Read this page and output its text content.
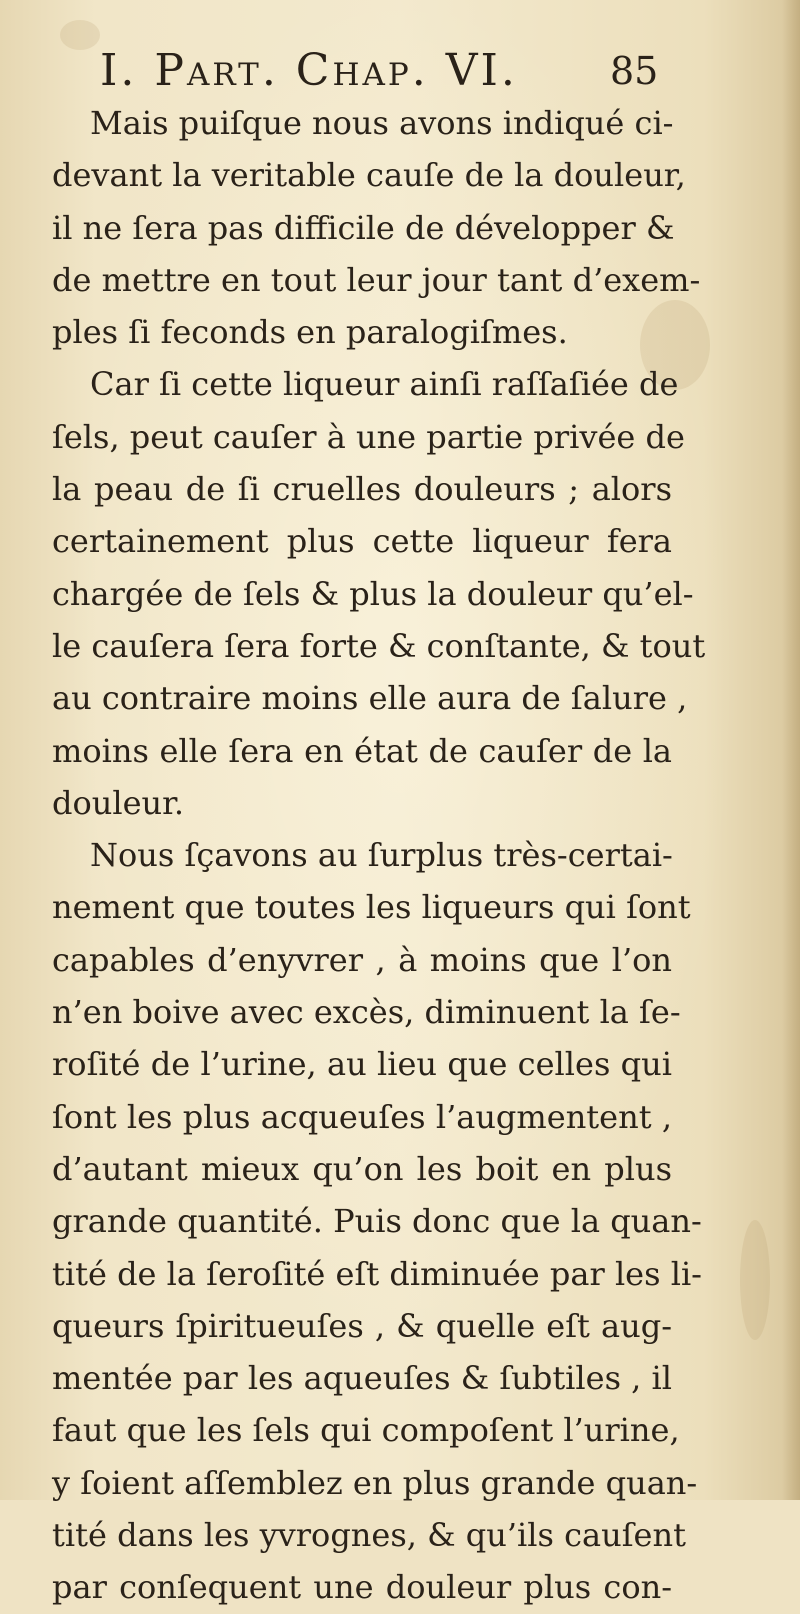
I. Part. Chap. VI. 85
Mais puiſque nous avons indiqué ci-
devant la veritable cauſe de la douleur,
il ne ſera pas difficile de développer &
de mettre en tout leur jour tant d’exem-
ples ſi feconds en paralogiſmes.
Car ſi cette liqueur ainſi raſſaſiée de
ſels, peut cauſer à une partie privée de
la peau de ſi cruelles douleurs ; alors
certainement plus cette liqueur fera
chargée de ſels & plus la douleur qu’el-
le cauſera ſera forte & conſtante, & tout
au contraire moins elle aura de ſalure ,
moins elle ſera en état de cauſer de la
douleur.
Nous ſçavons au ſurplus très-certai-
nement que toutes les liqueurs qui ſont
capables d’enyvrer , à moins que l’on
n’en boive avec excès, diminuent la ſe-
roſité de l’urine, au lieu que celles qui
ſont les plus acqueuſes l’augmentent ,
d’autant mieux qu’on les boit en plus
grande quantité. Puis donc que la quan-
tité de la ſeroſité eſt diminuée par les li-
queurs ſpiritueuſes , & quelle eſt aug-
mentée par les aqueuſes & ſubtiles , il
faut que les ſels qui compoſent l’urine,
y ſoient aſſemblez en plus grande quan-
tité dans les yvrognes, & qu’ils cauſent
par conſequent une douleur plus con-
